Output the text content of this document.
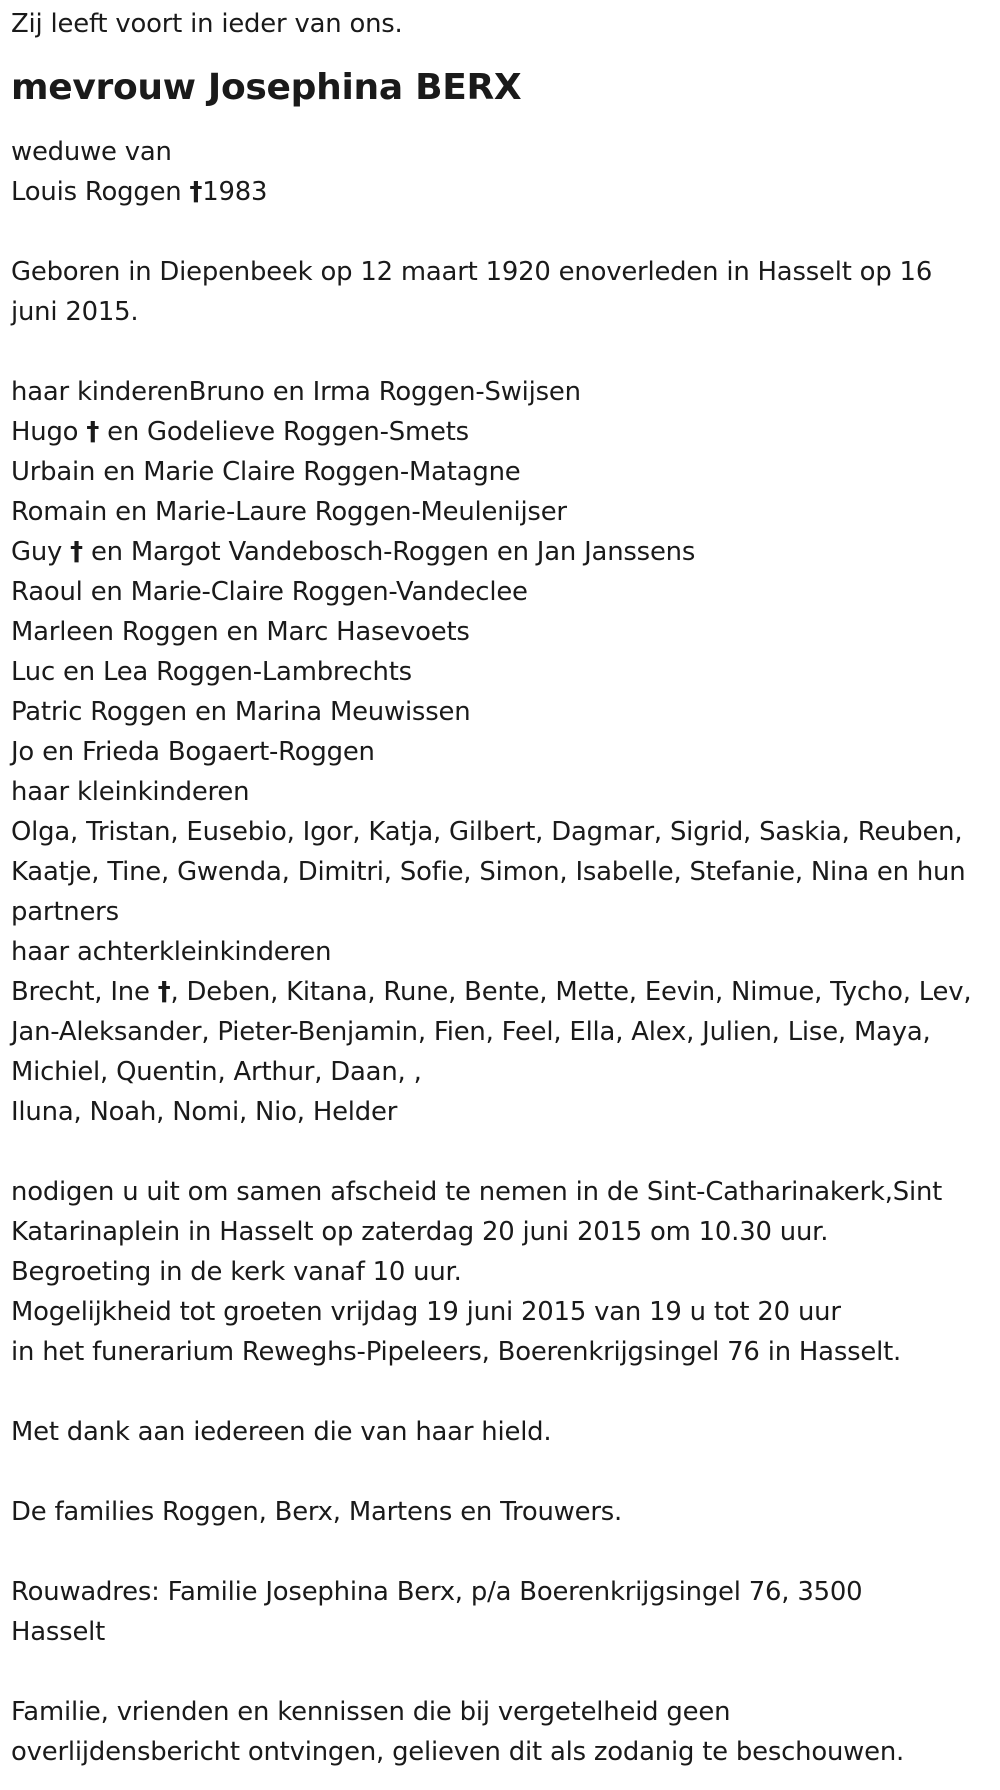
Zij leeft voort in ieder van ons.
mevrouw Josephina BERX
weduwe van
Louis Roggen †1983
Geboren in Diepenbeek op 12 maart 1920 enoverleden in Hasselt op 16
juni 2015.
haar kinderenBruno en Irma Roggen-Swijsen
Hugo † en Godelieve Roggen-Smets
Urbain en Marie Claire Roggen-Matagne
Romain en Marie-Laure Roggen-Meulenijser
Guy † en Margot Vandebosch-Roggen en Jan Janssens
Raoul en Marie-Claire Roggen-Vandeclee
Marleen Roggen en Marc Hasevoets
Luc en Lea Roggen-Lambrechts
Patric Roggen en Marina Meuwissen
Jo en Frieda Bogaert-Roggen
haar kleinkinderen
Olga, Tristan, Eusebio, Igor, Katja, Gilbert, Dagmar, Sigrid, Saskia, Reuben,
Kaatje, Tine, Gwenda, Dimitri, Sofie, Simon, Isabelle, Stefanie, Nina en hun
partners
haar achterkleinkinderen
Brecht, Ine †, Deben, Kitana, Rune, Bente, Mette, Eevin, Nimue, Tycho, Lev,
Jan-Aleksander, Pieter-Benjamin, Fien, Feel, Ella, Alex, Julien, Lise, Maya,
Michiel, Quentin, Arthur, Daan, ,
Iluna, Noah, Nomi, Nio, Helder
nodigen u uit om samen afscheid te nemen in de Sint-Catharinakerk,Sint
Katarinaplein in Hasselt op zaterdag 20 juni 2015 om 10.30 uur.
Begroeting in de kerk vanaf 10 uur.
Mogelijkheid tot groeten vrijdag 19 juni 2015 van 19 u tot 20 uur
in het funerarium Reweghs-Pipeleers, Boerenkrijgsingel 76 in Hasselt.
Met dank aan iedereen die van haar hield.
De families Roggen, Berx, Martens en Trouwers.
Rouwadres: Familie Josephina Berx, p/a Boerenkrijgsingel 76, 3500
Hasselt
Familie, vrienden en kennissen die bij vergetelheid geen
overlijdensbericht ontvingen, gelieven dit als zodanig te beschouwen.
